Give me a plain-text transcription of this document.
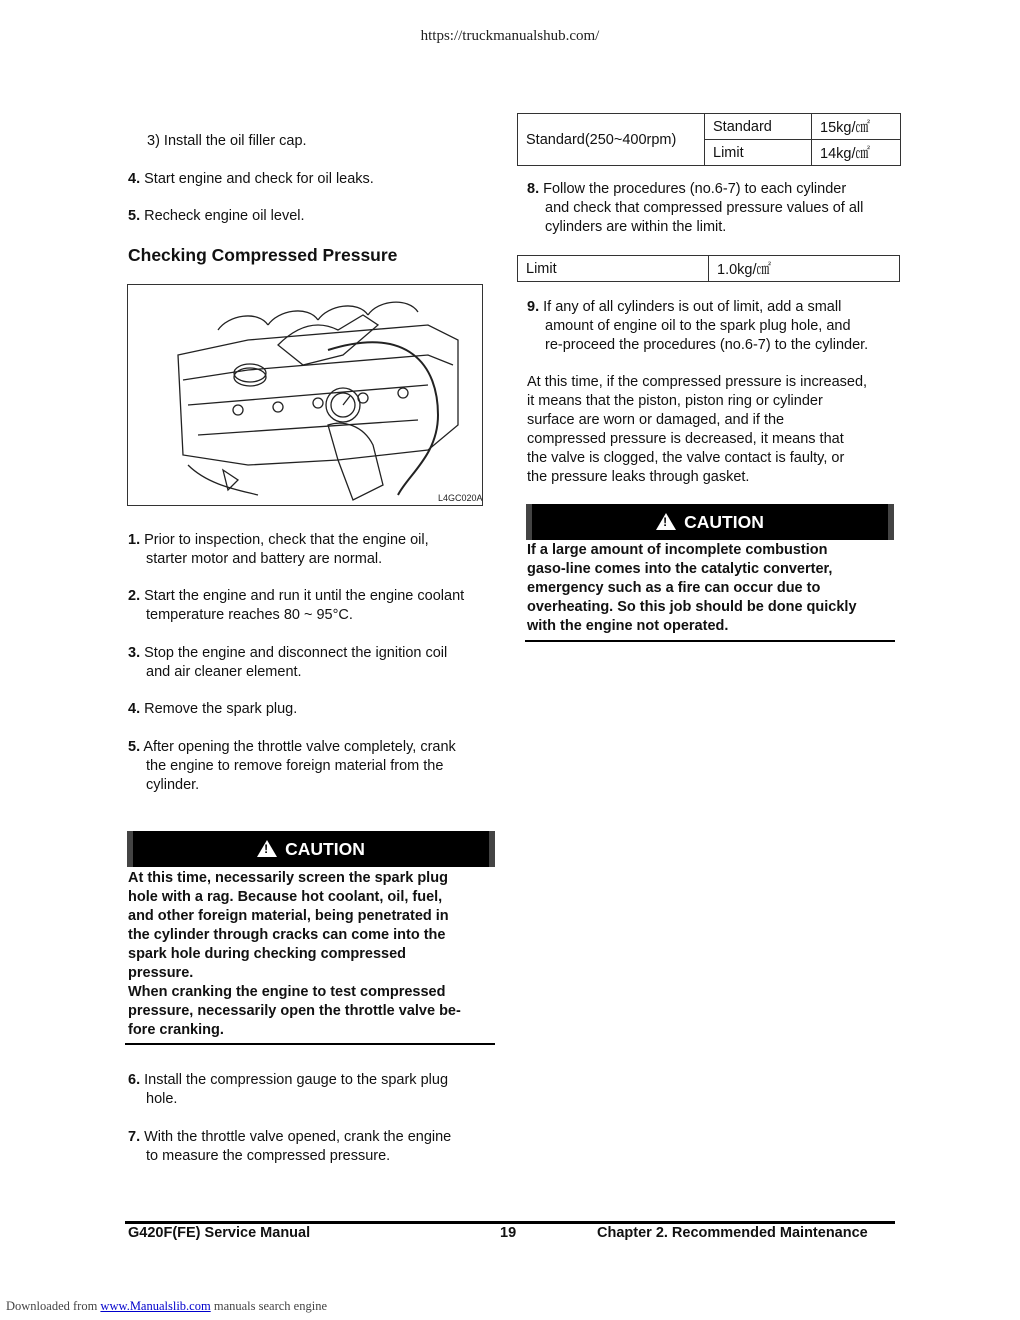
https://truckmanualshub.com/
3) Install the oil filler cap.
4. Start engine and check for oil leaks.
5. Recheck engine oil level.
Checking Compressed Pressure
L4GC020A
1. Prior to inspection, check that the engine oil,
starter motor and battery are normal.
2. Start the engine and run it until the engine coolant
temperature reaches 80 ~ 95°C.
3. Stop the engine and disconnect the ignition coil
and air cleaner element.
4. Remove the spark plug.
5. After opening the throttle valve completely, crank
the engine to remove foreign material from the
cylinder.
!CAUTION
At this time, necessarily screen the spark plug
hole with a rag. Because hot coolant, oil, fuel,
and other foreign material, being penetrated in
the cylinder through cracks can come into the
spark hole during checking compressed
pressure.
When cranking the engine to test compressed
pressure, necessarily open the throttle valve be-
fore cranking.
6. Install the compression gauge to the spark plug
hole.
7. With the throttle valve opened, crank the engine
to measure the compressed pressure.
Standard(250~400rpm)	Standard	15kg/㎠
	Limit	14kg/㎠
8. Follow the procedures (no.6-7) to each cylinder
and check that compressed pressure values of all
cylinders are within the limit.
Limit	1.0kg/㎠
9. If any of all cylinders is out of limit, add a small
amount of engine oil to the spark plug hole, and
re-proceed the procedures (no.6-7) to the cylinder.
At this time, if the compressed pressure is increased,
it means that the piston, piston ring or cylinder
surface are worn or damaged, and if the
compressed pressure is decreased, it means that
the valve is clogged, the valve contact is faulty, or
the pressure leaks through gasket.
!CAUTION
If a large amount of incomplete combustion
gaso-line comes into the catalytic converter,
emergency such as a fire can occur due to
overheating. So this job should be done quickly
with the engine not operated.
G420F(FE) Service Manual	19	Chapter 2. Recommended Maintenance
Downloaded from www.Manualslib.com manuals search engine
